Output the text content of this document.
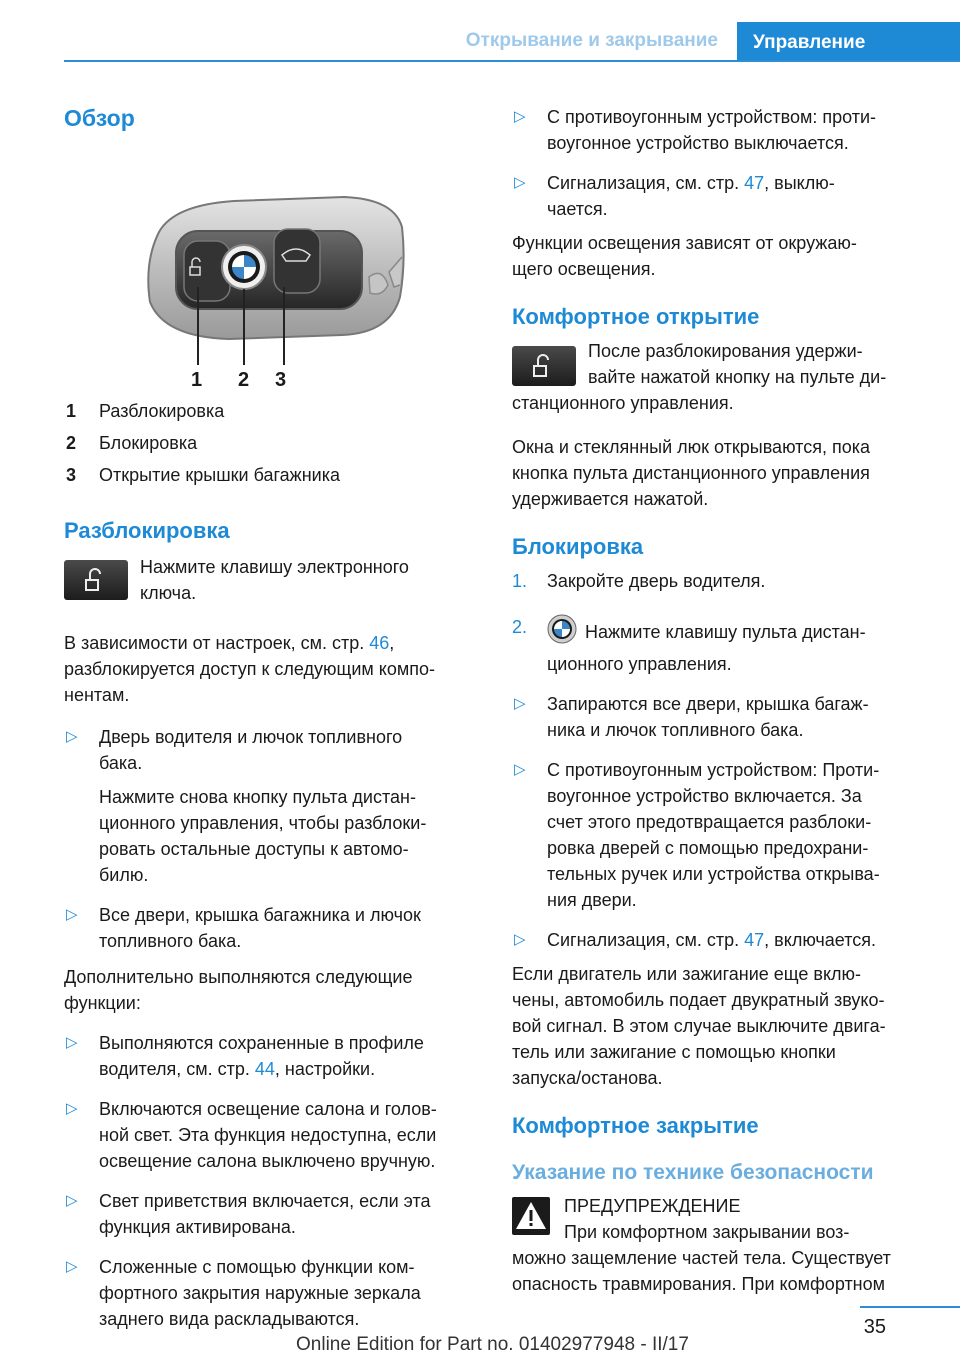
Открывание и закрывание	Управление
Обзор
1 2 3
1 Разблокировка
2 Блокировка
3 Открытие крышки багажника
Разблокировка
Нажмите клавишу электронного
ключа.
В зависимости от настроек, см. стр. 46,
разблокируется доступ к следующим компо-
нентам.
▷ Дверь водителя и лючок топливного
бака.
Нажмите снова кнопку пульта дистан-
ционного управления, чтобы разблоки-
ровать остальные доступы к автомо-
билю.
▷ Все двери, крышка багажника и лючок
топливного бака.
Дополнительно выполняются следующие
функции:
▷ Выполняются сохраненные в профиле
водителя, см. стр. 44, настройки.
▷ Включаются освещение салона и голов-
ной свет. Эта функция недоступна, если
освещение салона выключено вручную.
▷ Свет приветствия включается, если эта
функция активирована.
▷ Сложенные с помощью функции ком-
фортного закрытия наружные зеркала
заднего вида раскладываются.
▷ С противоугонным устройством: проти-
воугонное устройство выключается.
▷ Сигнализация, см. стр. 47, выклю-
чается.
Функции освещения зависят от окружаю-
щего освещения.
Комфортное открытие
После разблокирования удержи-
вайте нажатой кнопку на пульте ди-
станционного управления.
Окна и стеклянный люк открываются, пока
кнопка пульта дистанционного управления
удерживается нажатой.
Блокировка
1. Закройте дверь водителя.
2.	Нажмите клавишу пульта дистан-
ционного управления.
▷ Запираются все двери, крышка багаж-
ника и лючок топливного бака.
▷ С противоугонным устройством: Проти-
воугонное устройство включается. За
счет этого предотвращается разблоки-
ровка дверей с помощью предохрани-
тельных ручек или устройства открыва-
ния двери.
▷ Сигнализация, см. стр. 47, включается.
Если двигатель или зажигание еще вклю-
чены, автомобиль подает двукратный звуко-
вой сигнал. В этом случае выключите двига-
тель или зажигание с помощью кнопки
запуска/останова.
Комфортное закрытие
Указание по технике безопасности
ПРЕДУПРЕЖДЕНИЕ
При комфортном закрывании воз-
можно защемление частей тела. Существует
опасность травмирования. При комфортном
35
Online Edition for Part no. 01402977948 - II/17
